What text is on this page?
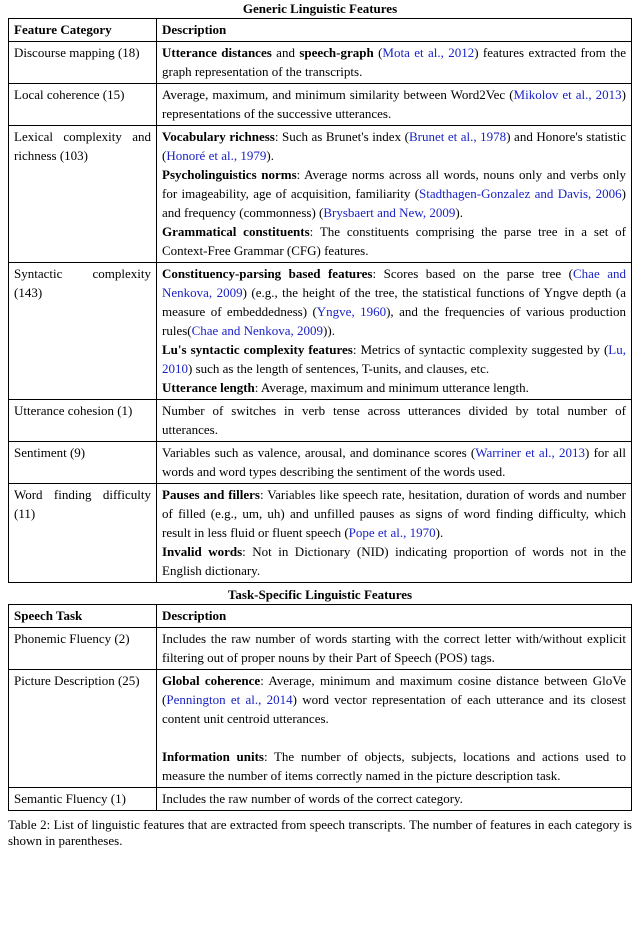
Generic Linguistic Features
Feature Category	Description
Discourse mapping (18)	Utterance distances and speech-graph (Mota et al., 2012) features extracted from the graph representation of the transcripts.

Local coherence (15)	Average, maximum, and minimum similarity between Word2Vec (Mikolov et al., 2013) representations of the successive utterances.

Lexical complexity and richness (103)	Vocabulary richness: Such as Brunet's index (Brunet et al., 1978) and Honore's statistic (Honoré et al., 1979).
Psycholinguistics norms: Average norms across all words, nouns only and verbs only for imageability, age of acquisition, familiarity (Stadthagen-Gonzalez and Davis, 2006) and frequency (commonness) (Brysbaert and New, 2009).
Grammatical constituents: The constituents comprising the parse tree in a set of Context-Free Grammar (CFG) features.

Syntactic complexity (143)	Constituency-parsing based features: Scores based on the parse tree (Chae and Nenkova, 2009) (e.g., the height of the tree, the statistical functions of Yngve depth (a measure of embeddedness) (Yngve, 1960), and the frequencies of various production rules(Chae and Nenkova, 2009)).
Lu's syntactic complexity features: Metrics of syntactic complexity suggested by (Lu, 2010) such as the length of sentences, T-units, and clauses, etc.
Utterance length: Average, maximum and minimum utterance length.

Utterance cohesion (1)	Number of switches in verb tense across utterances divided by total number of utterances.

Sentiment (9)	Variables such as valence, arousal, and dominance scores (Warriner et al., 2013) for all words and word types describing the sentiment of the words used.

Word finding difficulty (11)	Pauses and fillers: Variables like speech rate, hesitation, duration of words and number of filled (e.g., um, uh) and unfilled pauses as signs of word finding difficulty, which result in less fluid or fluent speech (Pope et al., 1970).
Invalid words: Not in Dictionary (NID) indicating proportion of words not in the English dictionary.
Task-Specific Linguistic Features
Speech Task	Description
Phonemic Fluency (2)	Includes the raw number of words starting with the correct letter with/without explicit filtering out of proper nouns by their Part of Speech (POS) tags.

Picture Description (25)	Global coherence: Average, minimum and maximum cosine distance between GloVe (Pennington et al., 2014) word vector representation of each utterance and its closest content unit centroid utterances.

Information units: The number of objects, subjects, locations and actions used to measure the number of items correctly named in the picture description task.

Semantic Fluency (1)	Includes the raw number of words of the correct category.
Table 2: List of linguistic features that are extracted from speech transcripts. The number of features in each category is shown in parentheses.
